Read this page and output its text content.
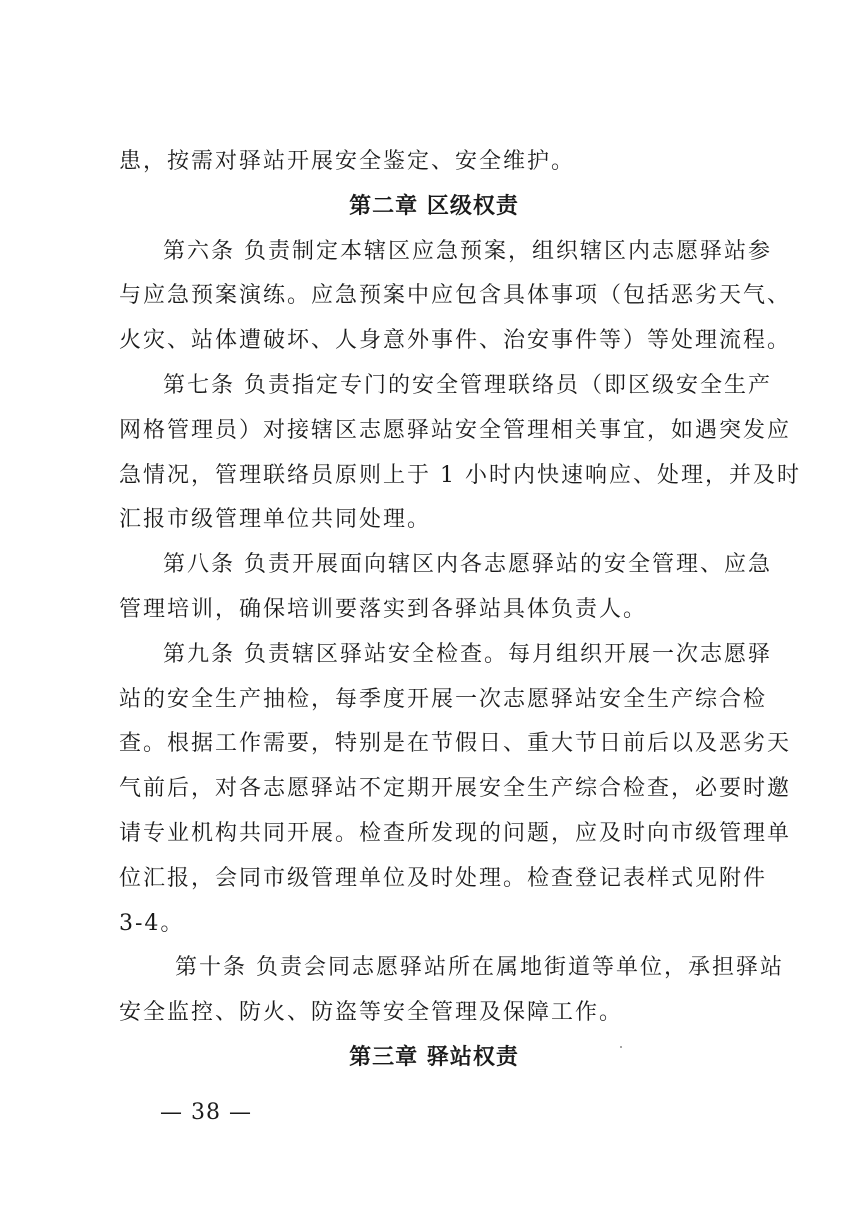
患，按需对驿站开展安全鉴定、安全维护。
第二章 区级权责
第六条 负责制定本辖区应急预案，组织辖区内志愿驿站参
与应急预案演练。应急预案中应包含具体事项（包括恶劣天气、
火灾、站体遭破坏、人身意外事件、治安事件等）等处理流程。
第七条 负责指定专门的安全管理联络员（即区级安全生产
网格管理员）对接辖区志愿驿站安全管理相关事宜，如遇突发应
急情况，管理联络员原则上于 1 小时内快速响应、处理，并及时
汇报市级管理单位共同处理。
第八条 负责开展面向辖区内各志愿驿站的安全管理、应急
管理培训，确保培训要落实到各驿站具体负责人。
第九条 负责辖区驿站安全检查。每月组织开展一次志愿驿
站的安全生产抽检，每季度开展一次志愿驿站安全生产综合检
查。根据工作需要，特别是在节假日、重大节日前后以及恶劣天
气前后，对各志愿驿站不定期开展安全生产综合检查，必要时邀
请专业机构共同开展。检查所发现的问题，应及时向市级管理单
位汇报，会同市级管理单位及时处理。检查登记表样式见附件
3-4。
第十条 负责会同志愿驿站所在属地街道等单位，承担驿站
安全监控、防火、防盗等安全管理及保障工作。
第三章 驿站权责
— 38 —
